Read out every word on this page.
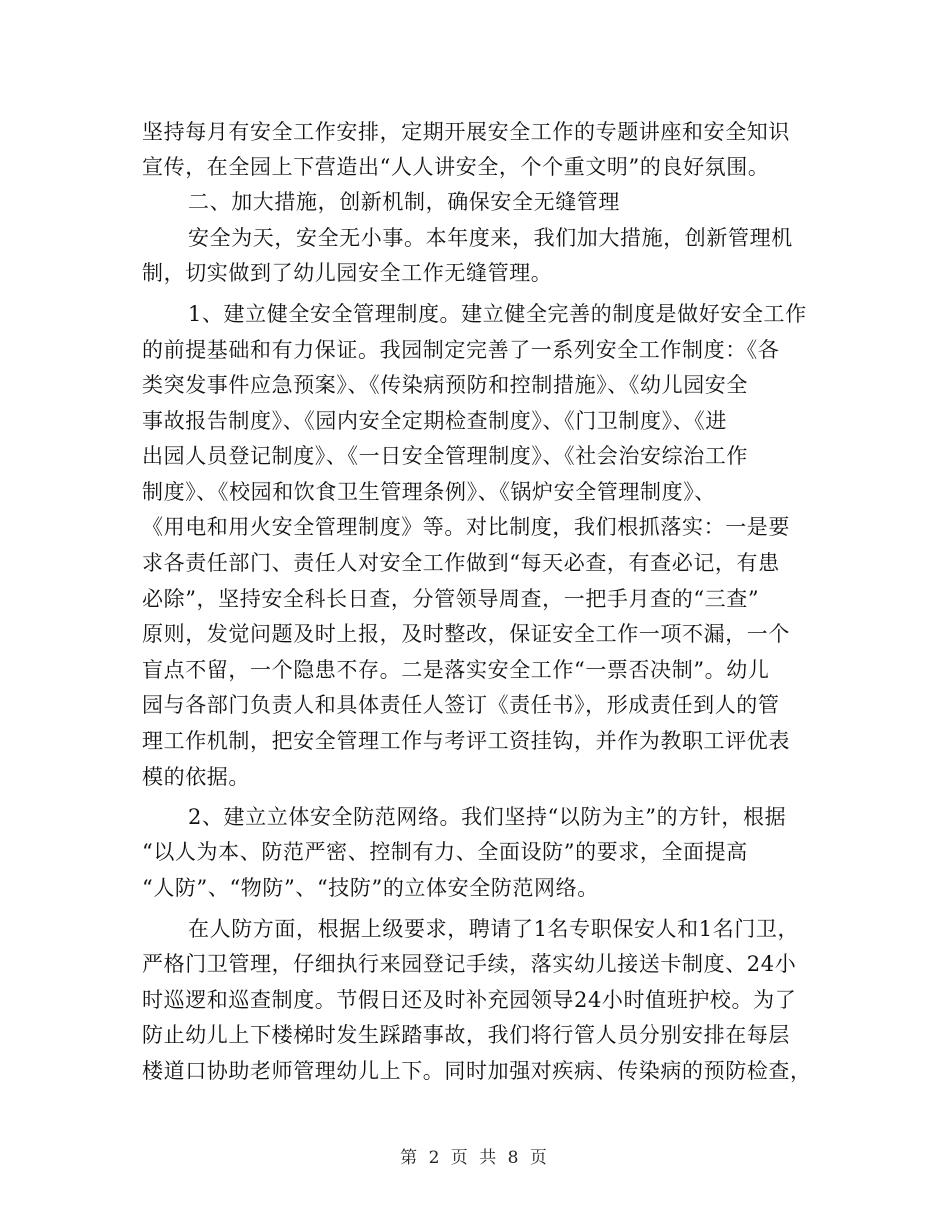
坚持每月有安全工作安排，定期开展安全工作的专题讲座和安全知识
宣传，在全园上下营造出“人人讲安全，个个重文明”的良好氛围。
二、加大措施，创新机制，确保安全无缝管理
安全为天，安全无小事。本年度来，我们加大措施，创新管理机
制，切实做到了幼儿园安全工作无缝管理。
1、建立健全安全管理制度。建立健全完善的制度是做好安全工作
的前提基础和有力保证。我园制定完善了一系列安全工作制度：《各
类突发事件应急预案》、《传染病预防和控制措施》、《幼儿园安全
事故报告制度》、《园内安全定期检查制度》、《门卫制度》、《进
出园人员登记制度》、《一日安全管理制度》、《社会治安综治工作
制度》、《校园和饮食卫生管理条例》、《锅炉安全管理制度》、
《用电和用火安全管理制度》等。对比制度，我们根抓落实：一是要
求各责任部门、责任人对安全工作做到“每天必查，有查必记，有患
必除”，坚持安全科长日查，分管领导周查，一把手月查的“三查”
原则，发觉问题及时上报，及时整改，保证安全工作一项不漏，一个
盲点不留，一个隐患不存。二是落实安全工作“一票否决制”。幼儿
园与各部门负责人和具体责任人签订《责任书》，形成责任到人的管
理工作机制，把安全管理工作与考评工资挂钩，并作为教职工评优表
模的依据。
2、建立立体安全防范网络。我们坚持“以防为主”的方针，根据
“以人为本、防范严密、控制有力、全面设防”的要求，全面提高
“人防”、“物防”、“技防”的立体安全防范网络。
在人防方面，根据上级要求，聘请了1名专职保安人和1名门卫，
严格门卫管理，仔细执行来园登记手续，落实幼儿接送卡制度、24小
时巡逻和巡查制度。节假日还及时补充园领导24小时值班护校。为了
防止幼儿上下楼梯时发生踩踏事故，我们将行管人员分别安排在每层
楼道口协助老师管理幼儿上下。同时加强对疾病、传染病的预防检查，
第 2 页 共 8 页
